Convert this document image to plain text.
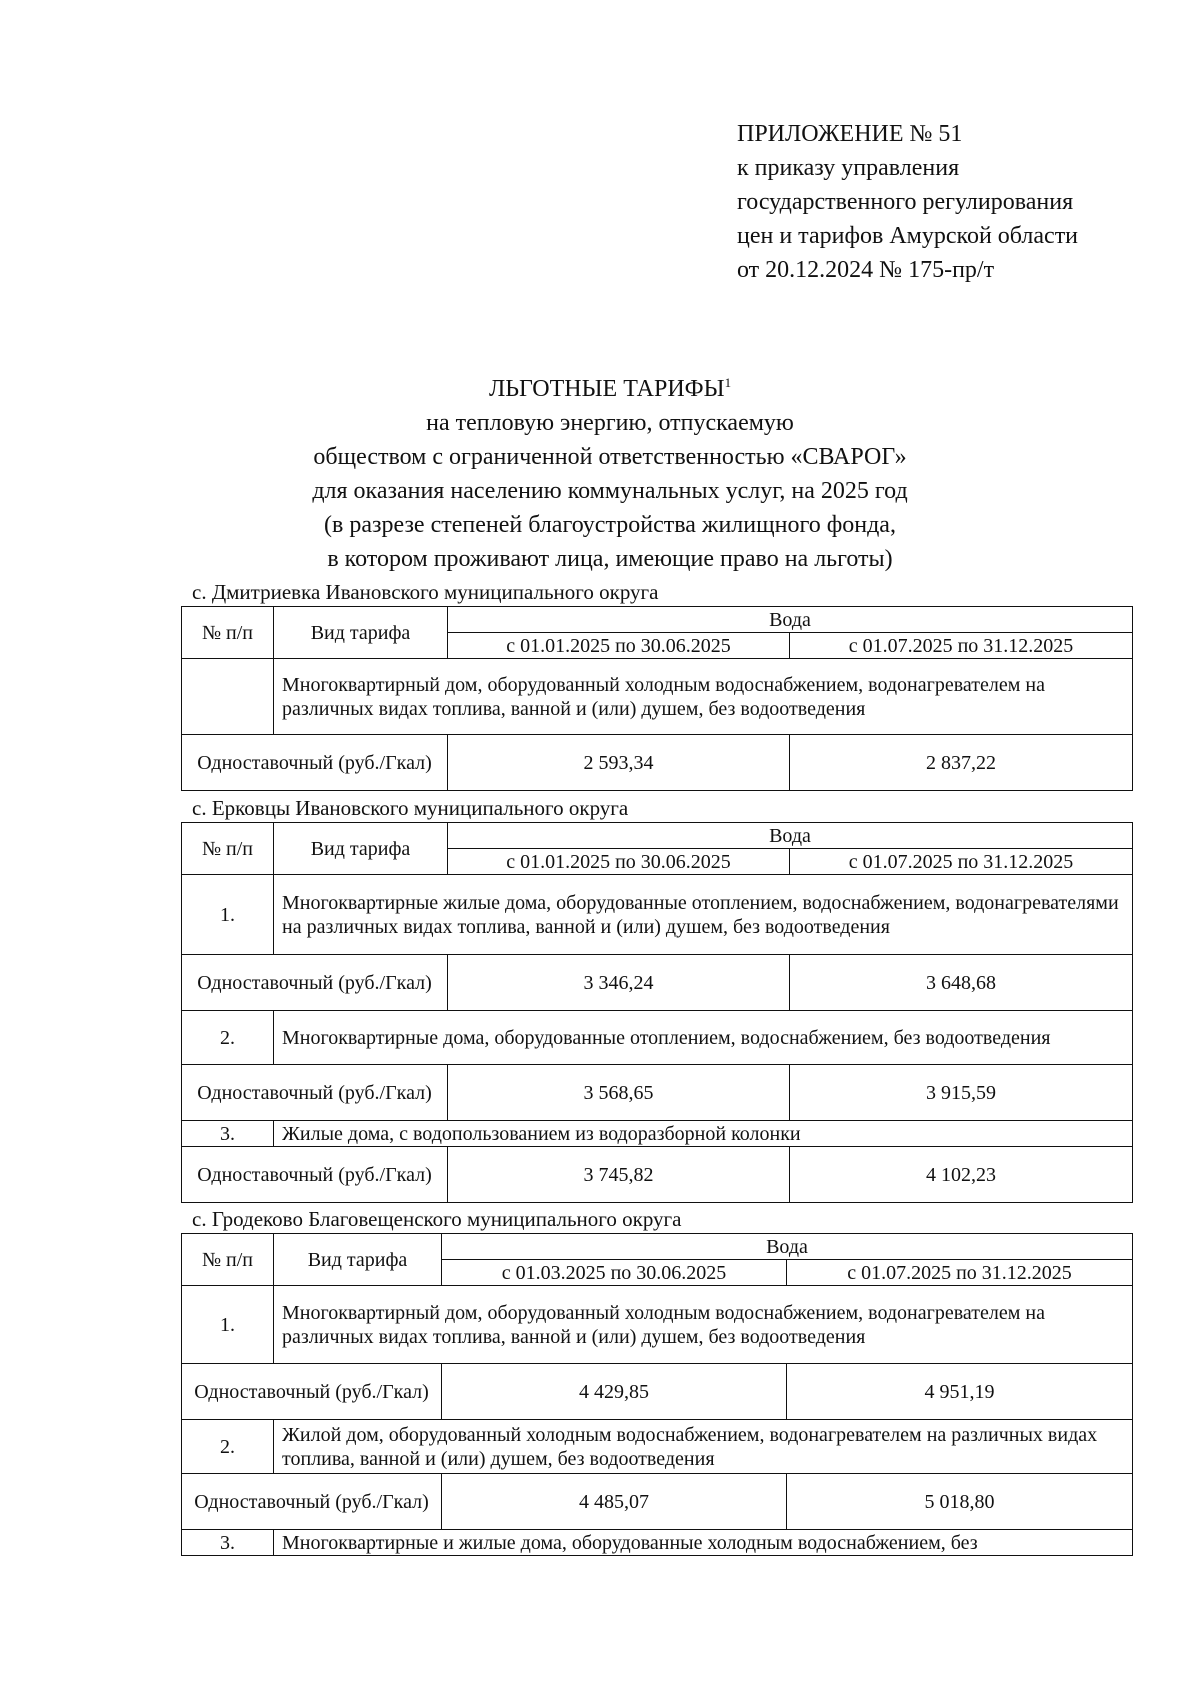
ПРИЛОЖЕНИЕ № 51
к приказу управления
государственного регулирования
цен и тарифов Амурской области
от 20.12.2024 № 175-пр/т
ЛЬГОТНЫЕ ТАРИФЫ$^1$
на тепловую энергию, отпускаемую
обществом с ограниченной ответственностью «СВАРОГ»
для оказания населению коммунальных услуг, на 2025 год
(в разрезе степеней благоустройства жилищного фонда,
в котором проживают лица, имеющие право на льготы)
с. Дмитриевка Ивановского муниципального округа
№ п/п	Вид тарифа	Вода	
		с 01.01.2025 по 30.06.2025	с 01.07.2025 по 31.12.2025
	Многоквартирный дом, оборудованный холодным водоснабжением, водонагревателем на различных видах топлива, ванной и (или) душем, без водоотведения		
Одноставочный (руб./Гкал)		2 593,34	2 837,22
с. Ерковцы Ивановского муниципального округа
№ п/п	Вид тарифа	Вода	
		с 01.01.2025 по 30.06.2025	с 01.07.2025 по 31.12.2025
1.	Многоквартирные жилые дома, оборудованные отоплением, водоснабжением, водонагревателями на различных видах топлива, ванной и (или) душем, без водоотведения		
Одноставочный (руб./Гкал)		3 346,24	3 648,68
2.	Многоквартирные дома, оборудованные отоплением, водоснабжением, без водоотведения		
Одноставочный (руб./Гкал)		3 568,65	3 915,59
3.	Жилые дома, с водопользованием из водоразборной колонки		
Одноставочный (руб./Гкал)		3 745,82	4 102,23
с. Гродеково Благовещенского муниципального округа
№ п/п	Вид тарифа	Вода	
		с 01.03.2025 по 30.06.2025	с 01.07.2025 по 31.12.2025
1.	Многоквартирный дом, оборудованный холодным водоснабжением, водонагревателем на различных видах топлива, ванной и (или) душем, без водоотведения		
Одноставочный (руб./Гкал)		4 429,85	4 951,19
2.	Жилой дом, оборудованный холодным водоснабжением, водонагревателем на различных видах топлива, ванной и (или) душем, без водоотведения		
Одноставочный (руб./Гкал)		4 485,07	5 018,80
3.	Многоквартирные и жилые дома, оборудованные холодным водоснабжением, без		
